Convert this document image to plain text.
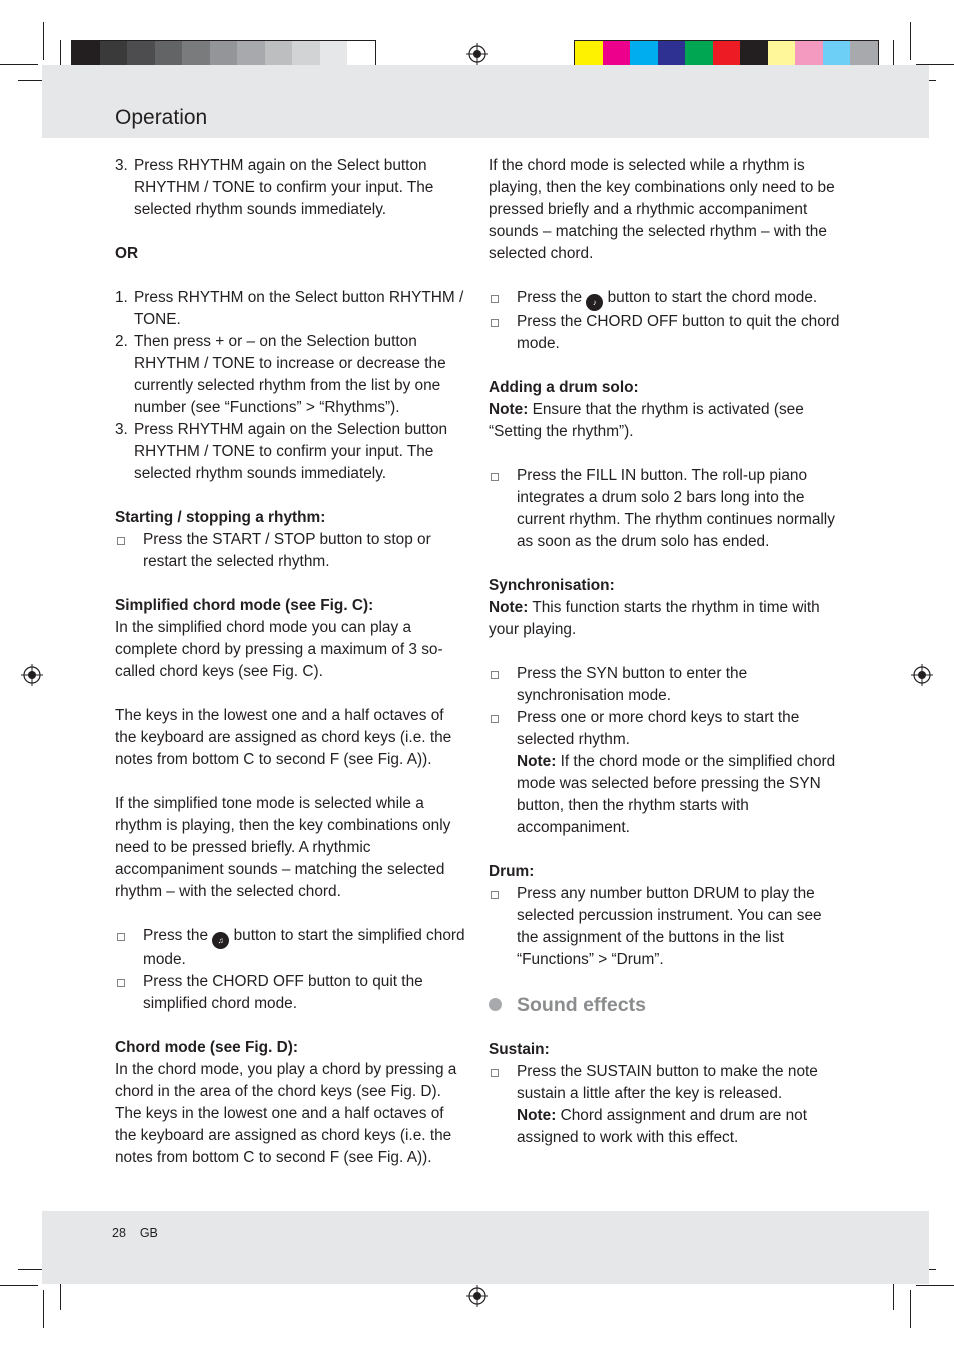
Operation
3. Press RHYTHM again on the Select button RHYTHM / TONE to confirm your input. The selected rhythm sounds immediately.

OR

1. Press RHYTHM on the Select button RHYTHM / TONE.
2. Then press + or – on the Selection button RHYTHM / TONE to increase or decrease the currently selected rhythm from the list by one number (see “Functions” > “Rhythms”).
3. Press RHYTHM again on the Selection button RHYTHM / TONE to confirm your input. The selected rhythm sounds immediately.

Starting / stopping a rhythm:

Press the START / STOP button to stop or restart the selected rhythm.

Simplified chord mode (see Fig. C):

In the simplified chord mode you can play a complete chord by pressing a maximum of 3 so-called chord keys (see Fig. C).

The keys in the lowest one and a half octaves of the keyboard are assigned as chord keys (i.e. the notes from bottom C to second F (see Fig. A)).

If the simplified tone mode is selected while a rhythm is playing, then the key combinations only need to be pressed briefly. A rhythmic accompaniment sounds – matching the selected rhythm – with the selected chord.

Press the ♫ button to start the simplified chord mode.
Press the CHORD OFF button to quit the simplified chord mode.

Chord mode (see Fig. D):

In the chord mode, you play a chord by pressing a chord in the area of the chord keys (see Fig. D). The keys in the lowest one and a half octaves of the keyboard are assigned as chord keys (i.e. the notes from bottom C to second F (see Fig. A)).

If the chord mode is selected while a rhythm is playing, then the key combinations only need to be pressed briefly and a rhythmic accompaniment sounds – matching the selected rhythm – with the selected chord.

Press the ♪ button to start the chord mode.
Press the CHORD OFF button to quit the chord mode.

Adding a drum solo:

Note: Ensure that the rhythm is activated (see “Setting the rhythm”).

Press the FILL IN button. The roll-up piano integrates a drum solo 2 bars long into the current rhythm. The rhythm continues normally as soon as the drum solo has ended.

Synchronisation:

Note: This function starts the rhythm in time with your playing.

Press the SYN button to enter the synchronisation mode.
Press one or more chord keys to start the selected rhythm.
Note: If the chord mode or the simplified chord mode was selected before pressing the SYN button, then the rhythm starts with accompaniment.

Drum:

Press any number button DRUM to play the selected percussion instrument. You can see the assignment of the buttons in the list “Functions” > “Drum”.
Sound effects

Sustain:

Press the SUSTAIN button to make the note sustain a little after the key is released.
Note: Chord assignment and drum are not assigned to work with this effect.
28 GB
